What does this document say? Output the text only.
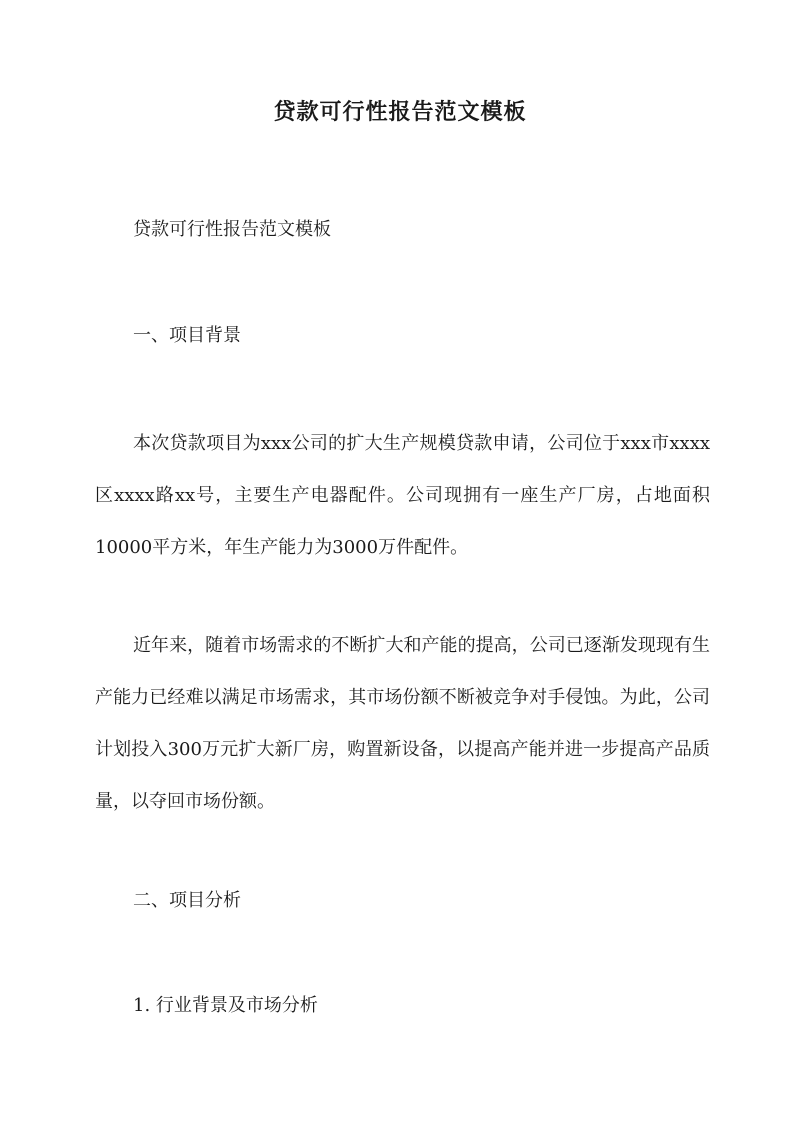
贷款可行性报告范文模板

贷款可行性报告范文模板

一、项目背景

本次贷款项目为xxx公司的扩大生产规模贷款申请，公司位于xxx市xxxx区xxxx路xx号，主要生产电器配件。公司现拥有一座生产厂房，占地面积10000平方米，年生产能力为3000万件配件。

近年来，随着市场需求的不断扩大和产能的提高，公司已逐渐发现现有生产能力已经难以满足市场需求，其市场份额不断被竞争对手侵蚀。为此，公司计划投入300万元扩大新厂房，购置新设备，以提高产能并进一步提高产品质量，以夺回市场份额。

二、项目分析

1. 行业背景及市场分析
